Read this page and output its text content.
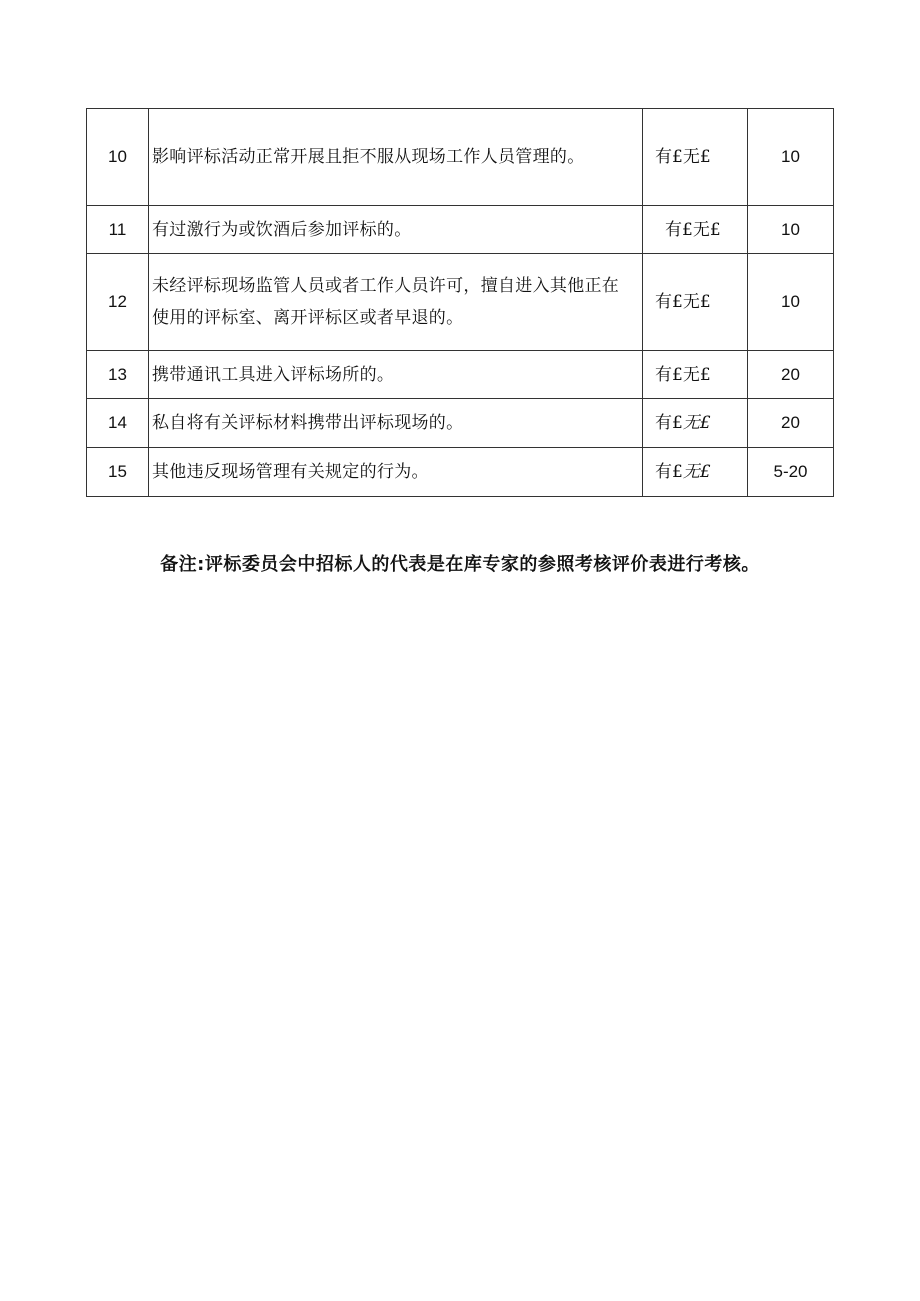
10	影响评标活动正常开展且拒不服从现场工作人员管理的。	有£无£	10
11	有过激行为或饮酒后参加评标的。	有£无£	10
12	未经评标现场监管人员或者工作人员许可，擅自进入其他正在使用的评标室、离开评标区或者早退的。	有£无£	10
13	携带通讯工具进入评标场所的。	有£无£	20
14	私自将有关评标材料携带出评标现场的。	有£无£	20
15	其他违反现场管理有关规定的行为。	有£无£	5-20
备注:评标委员会中招标人的代表是在库专家的参照考核评价表进行考核。
